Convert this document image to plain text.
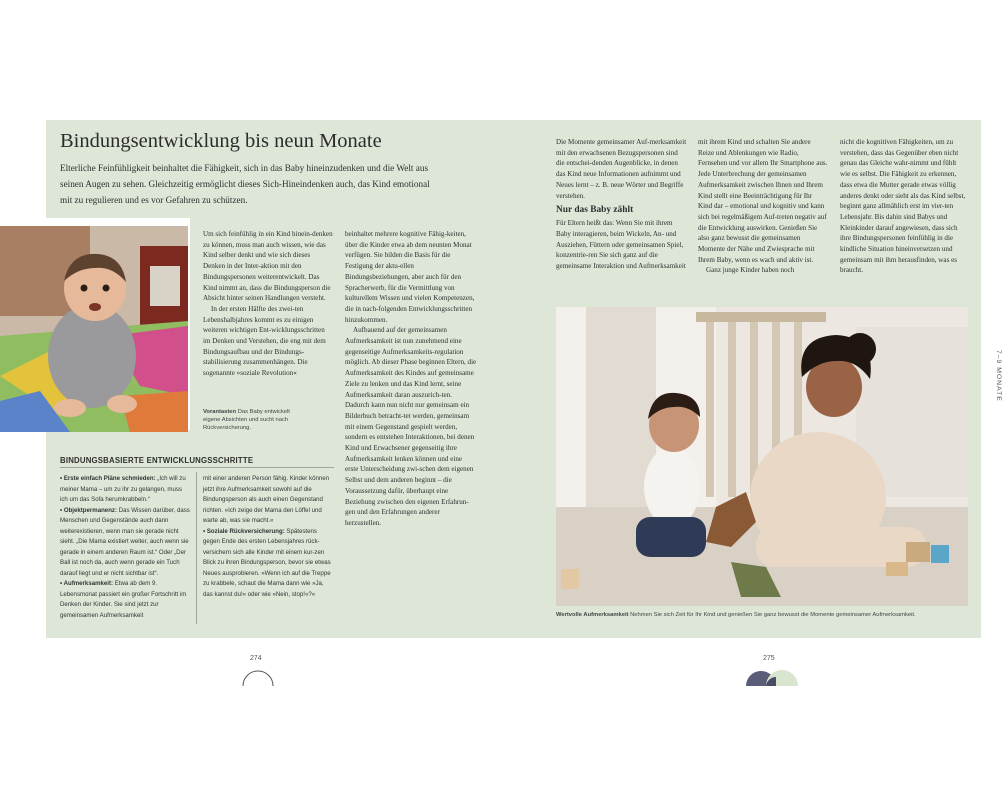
Bindungsentwicklung bis neun Monate
Elterliche Feinfühligkeit beinhaltet die Fähigkeit, sich in das Baby hineinzudenken und die Welt aus seinen Augen zu sehen. Gleichzeitig ermöglicht dieses Sich-Hineindenken auch, das Kind emotional mit zu regulieren und es vor Gefahren zu schützen.
Vorantasten Das Baby entwickelt eigene Absichten und sucht nach Rückversicherung.

Um sich feinfühlig in ein Kind hinein-denken zu können, muss man auch wissen, wie das Kind selber denkt und wie sich dieses Denken in der Inter-aktion mit den Bindungspersonen weiterentwickelt. Das Kind nimmt an, dass die Bindungsperson die Absicht hinter seinen Handlungen versteht.

In der ersten Hälfte des zwei-ten Lebenshalbjahres kommt es zu einigen weiteren wichtigen Ent-wicklungsschritten im Denken und Verstehen, die eng mit dem Bindungsaufbau und der Bindungs-stabilisierung zusammenhängen. Die sogenannte »soziale Revolution«

beinhaltet mehrere kognitive Fähig-keiten, über die Kinder etwa ab dem neunten Monat verfügen. Sie bilden die Basis für die Festigung der aktu-ellen Bindungsbeziehungen, aber auch für den Spracherwerb, für die Vermittlung von kulturellem Wissen und vielen Kompetenzen, die in nach-folgenden Entwicklungsschritten hinzukommen.

Aufbauend auf der gemeinsamen Aufmerksamkeit ist nun zunehmend eine gegenseitige Aufmerksamkeits-regulation möglich. Ab dieser Phase beginnen Eltern, die Aufmerksamkeit des Kindes auf gemeinsame Ziele zu lenken und das Kind lernt, seine Aufmerksamkeit daran auszurich-ten. Dadurch kann nun nicht nur gemeinsam ein Bilderbuch betracht-tet werden, gemeinsam mit einem Gegenstand gespielt werden, sondern es entstehen Interaktionen, bei denen Kind und Erwachsener gegenseitig ihre Aufmerksamkeit lenken können und eine erste Unterscheidung zwi-schen dem eigenen Selbst und dem anderen beginnt – die Voraussetzung dafür, überhaupt eine Beziehung zwischen den eigenen Erfahrun-gen und den Erfahrungen anderer herzustellen.

BINDUNGSBASIERTE ENTWICKLUNGSSCHRITTE

• Erste einfach Pläne schmieden: „Ich will zu meiner Mama – um zu ihr zu gelangen, muss ich um das Sofa herumkrabbeln.“

• Objektpermanenz: Das Wissen darüber, dass Menschen und Gegenstände auch dann weiterexistieren, wenn man sie gerade nicht sieht. „Die Mama existiert weiter, auch wenn sie gerade in einem anderen Raum ist.“ Oder „Der Ball ist noch da, auch wenn gerade ein Tuch darauf liegt und er nicht sichtbar ist“.

• Aufmerksamkeit: Etwa ab dem 9. Lebensmonat passiert ein großer Fortschritt im Denken der Kinder. Sie sind jetzt zur gemeinsamen Aufmerksamkeit

mit einer anderen Person fähig. Kinder können jetzt ihre Aufmerksamkeit sowohl auf die Bindungsperson als auch einen Gegenstand richten. »Ich zeige der Mama den Löffel und warte ab, was sie macht.«

• Soziale Rückversicherung: Spätestens gegen Ende des ersten Lebensjahres rück-versichern sich alle Kinder mit einem kur-zen Blick zu ihren Bindungsperson, bevor sie etwas Neues ausprobieren. »Wenn ich auf die Treppe zu krabbele, schaut die Mama dann wie »Ja, das kannst du!« oder wie »Nein, stop!«?«

Die Momente gemeinsamer Auf-merksamkeit mit den erwachsenen Bezugspersonen sind die entschei-denden Augenblicke, in denen das Kind neue Informationen aufnimmt und Neues lernt – z. B. neue Wörter und Begriffe verstehen.

Nur das Baby zählt

Für Eltern heißt das: Wenn Sie mit ihrem Baby interagieren, beim Wickeln, An- und Ausziehen, Füttern oder gemeinsamen Spiel, konzentrie-ren Sie sich ganz auf die gemeinsame Interaktion und Aufmerksamkeit

mit ihrem Kind und schalten Sie andere Reize und Ablenkungen wie Radio, Fernsehen und vor allem Ihr Smartphone aus. Jede Unterbrechung der gemeinsamen Aufmerksamkeit zwischen Ihnen und Ihrem Kind stellt eine Beeinträchtigung für Ihr Kind dar – emotional und kognitiv und kann sich bei regelmäßigem Auf-treten negativ auf die Entwicklung auswirken. Genießen Sie also ganz bewusst die gemeinsamen Momente der Nähe und Zwiesprache mit Ihrem Baby, wenn es wach und aktiv ist.

Ganz junge Kinder haben noch

nicht die kognitiven Fähigkeiten, um zu verstehen, dass das Gegenüber eben nicht genau das Gleiche wahr-nimmt und fühlt wie es selbst. Die Fähigkeit zu erkennen, dass etwa die Mutter gerade etwas völlig anderes denkt oder sieht als das Kind selbst, beginnt ganz allmählich erst im vier-ten Lebensjahr. Bis dahin sind Babys und Kleinkinder darauf angewiesen, dass sich ihre Bindungspersonen feinfühlig in die kindliche Situation hineinversetzen und gemeinsam mit ihm herausfinden, was es braucht.

Wertvolle Aufmerksamkeit Nehmen Sie sich Zeit für Ihr Kind und genießen Sie ganz bewusst die Momente gemeinsamer Aufmerksamkeit.
7–9 MONATE
274	275
